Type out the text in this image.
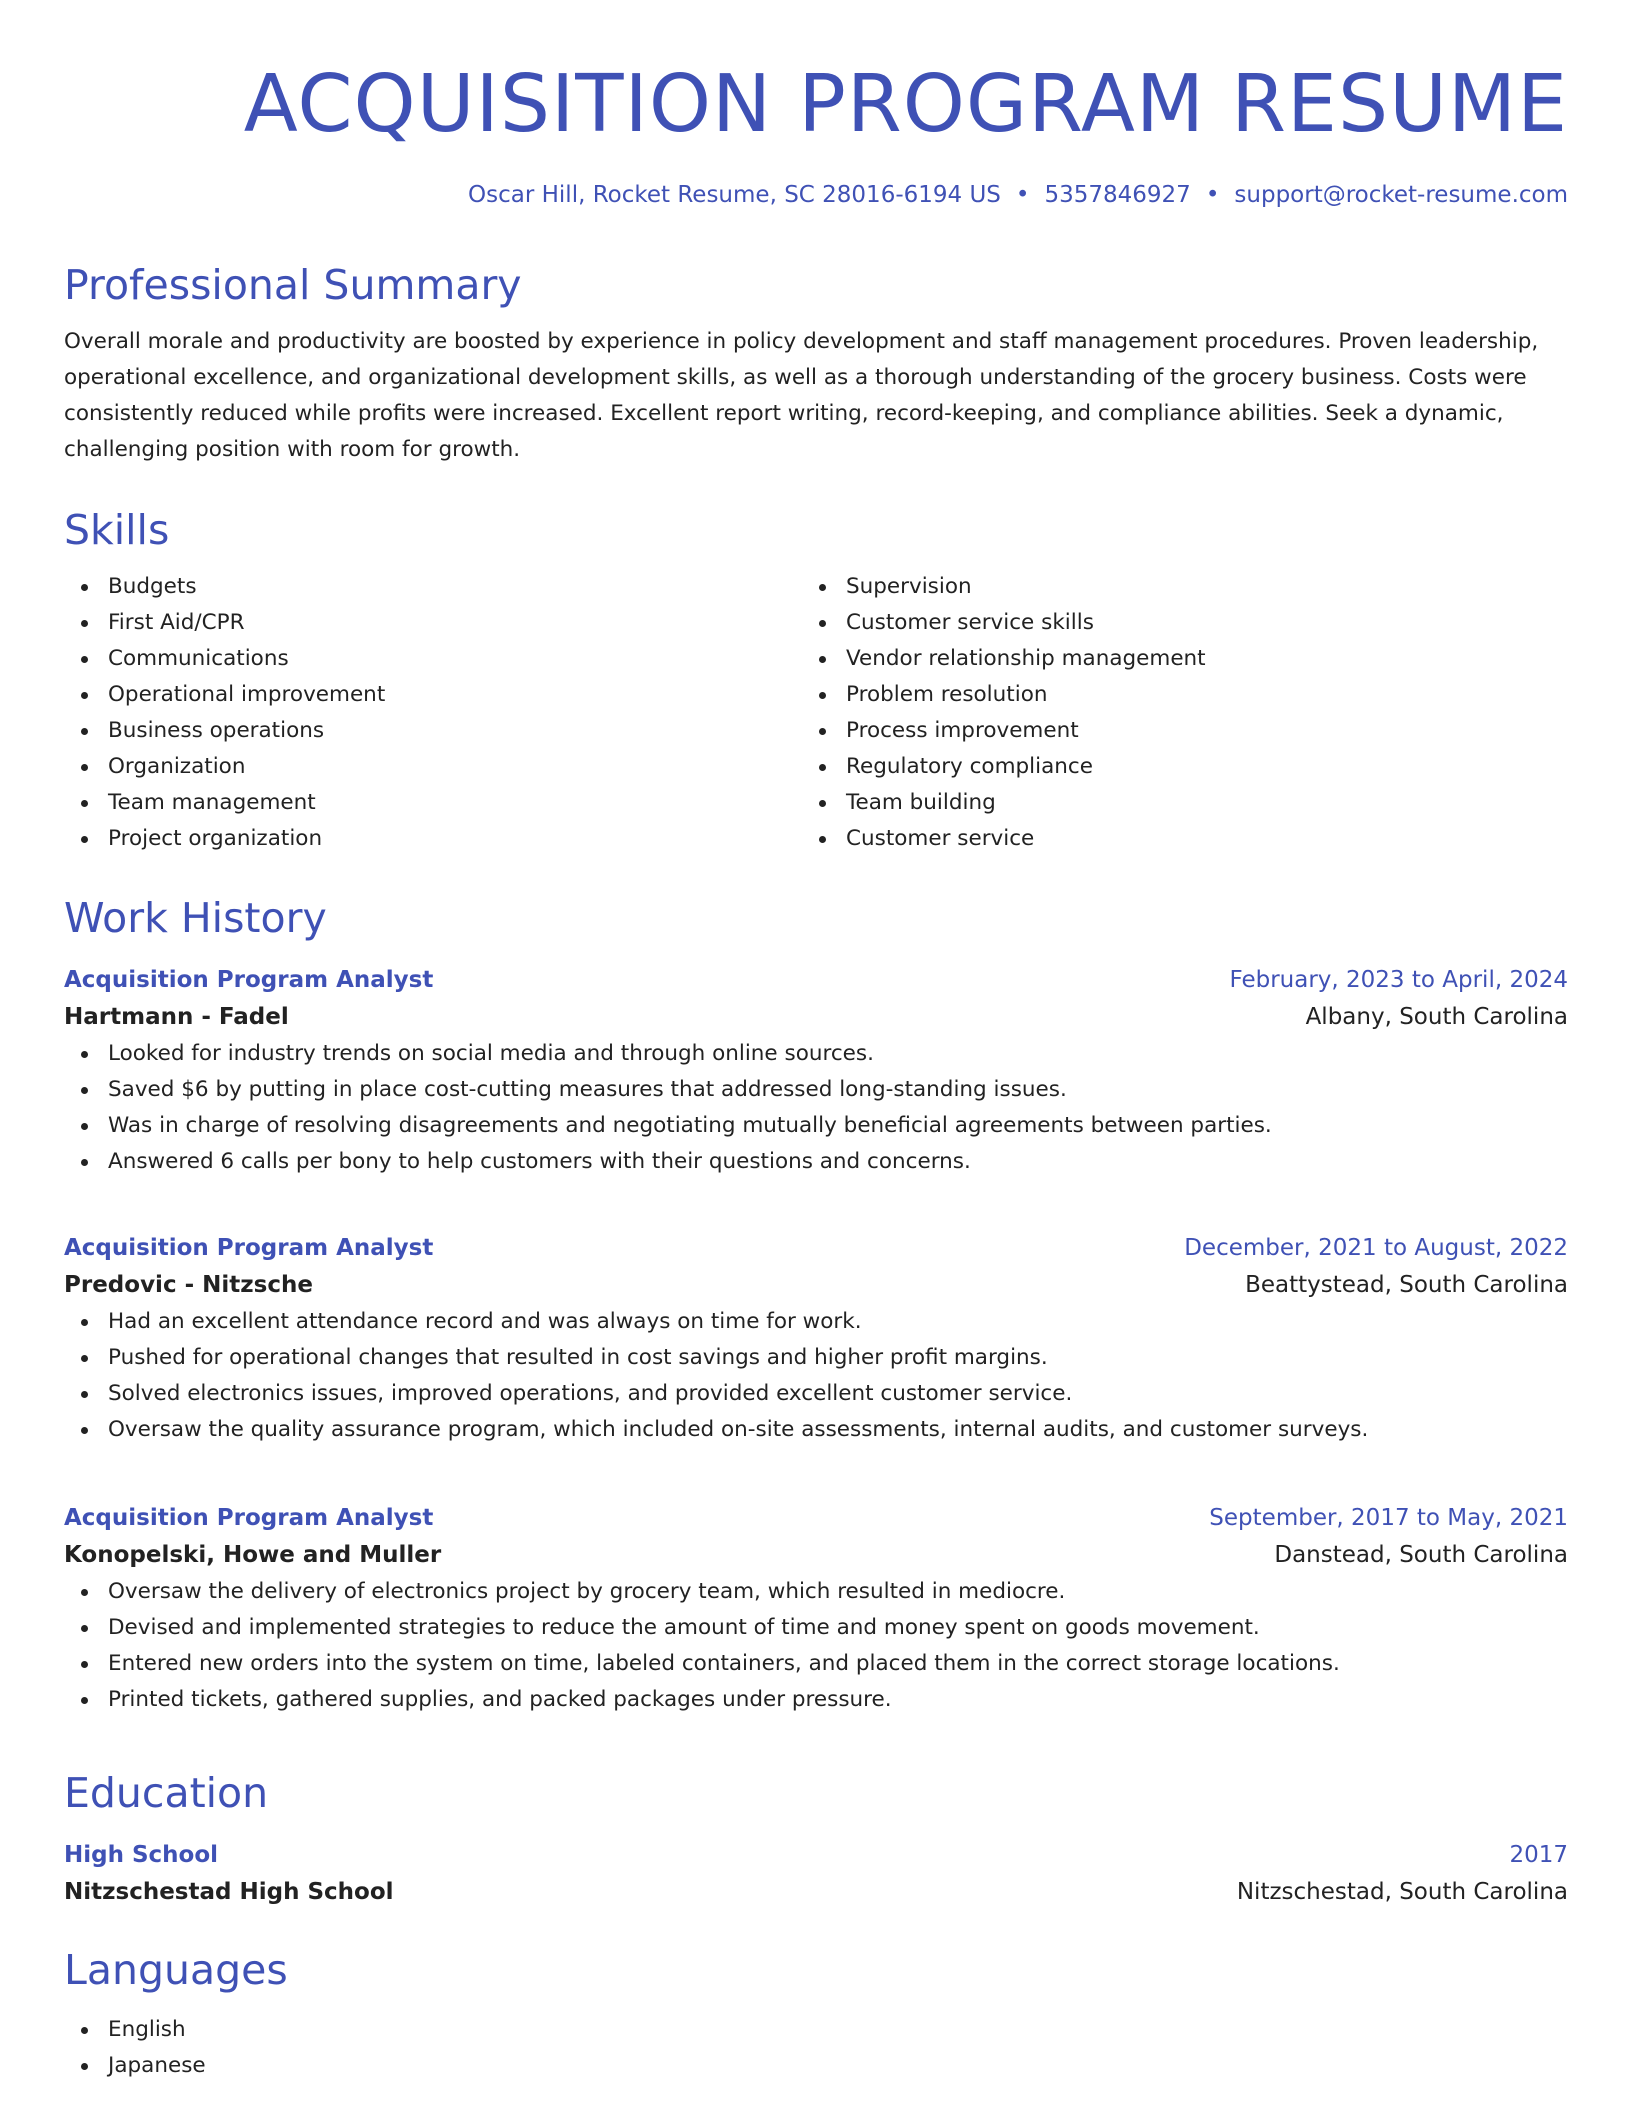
ACQUISITION PROGRAM RESUME
Oscar Hill, Rocket Resume, SC 28016-6194 US • 5357846927 • support@rocket-resume.com
Professional Summary

Overall morale and productivity are boosted by experience in policy development and staff management procedures. Proven leadership, operational excellence, and organizational development skills, as well as a thorough understanding of the grocery business. Costs were consistently reduced while profits were increased. Excellent report writing, record-keeping, and compliance abilities. Seek a dynamic, challenging position with room for growth.

Skills
Budgets
First Aid/CPR
Communications
Operational improvement
Business operations
Organization
Team management
Project organization
Supervision
Customer service skills
Vendor relationship management
Problem resolution
Process improvement
Regulatory compliance
Team building
Customer service
Work History
Acquisition Program Analyst	February, 2023 to April, 2024
Hartmann - Fadel	Albany, South Carolina
Looked for industry trends on social media and through online sources.
Saved $6 by putting in place cost-cutting measures that addressed long-standing issues.
Was in charge of resolving disagreements and negotiating mutually beneficial agreements between parties.
Answered 6 calls per bony to help customers with their questions and concerns.
Acquisition Program Analyst	December, 2021 to August, 2022
Predovic - Nitzsche	Beattystead, South Carolina
Had an excellent attendance record and was always on time for work.
Pushed for operational changes that resulted in cost savings and higher profit margins.
Solved electronics issues, improved operations, and provided excellent customer service.
Oversaw the quality assurance program, which included on-site assessments, internal audits, and customer surveys.
Acquisition Program Analyst	September, 2017 to May, 2021
Konopelski, Howe and Muller	Danstead, South Carolina
Oversaw the delivery of electronics project by grocery team, which resulted in mediocre.
Devised and implemented strategies to reduce the amount of time and money spent on goods movement.
Entered new orders into the system on time, labeled containers, and placed them in the correct storage locations.
Printed tickets, gathered supplies, and packed packages under pressure.
Education
High School	2017
Nitzschestad High School	Nitzschestad, South Carolina
Languages
English
Japanese
